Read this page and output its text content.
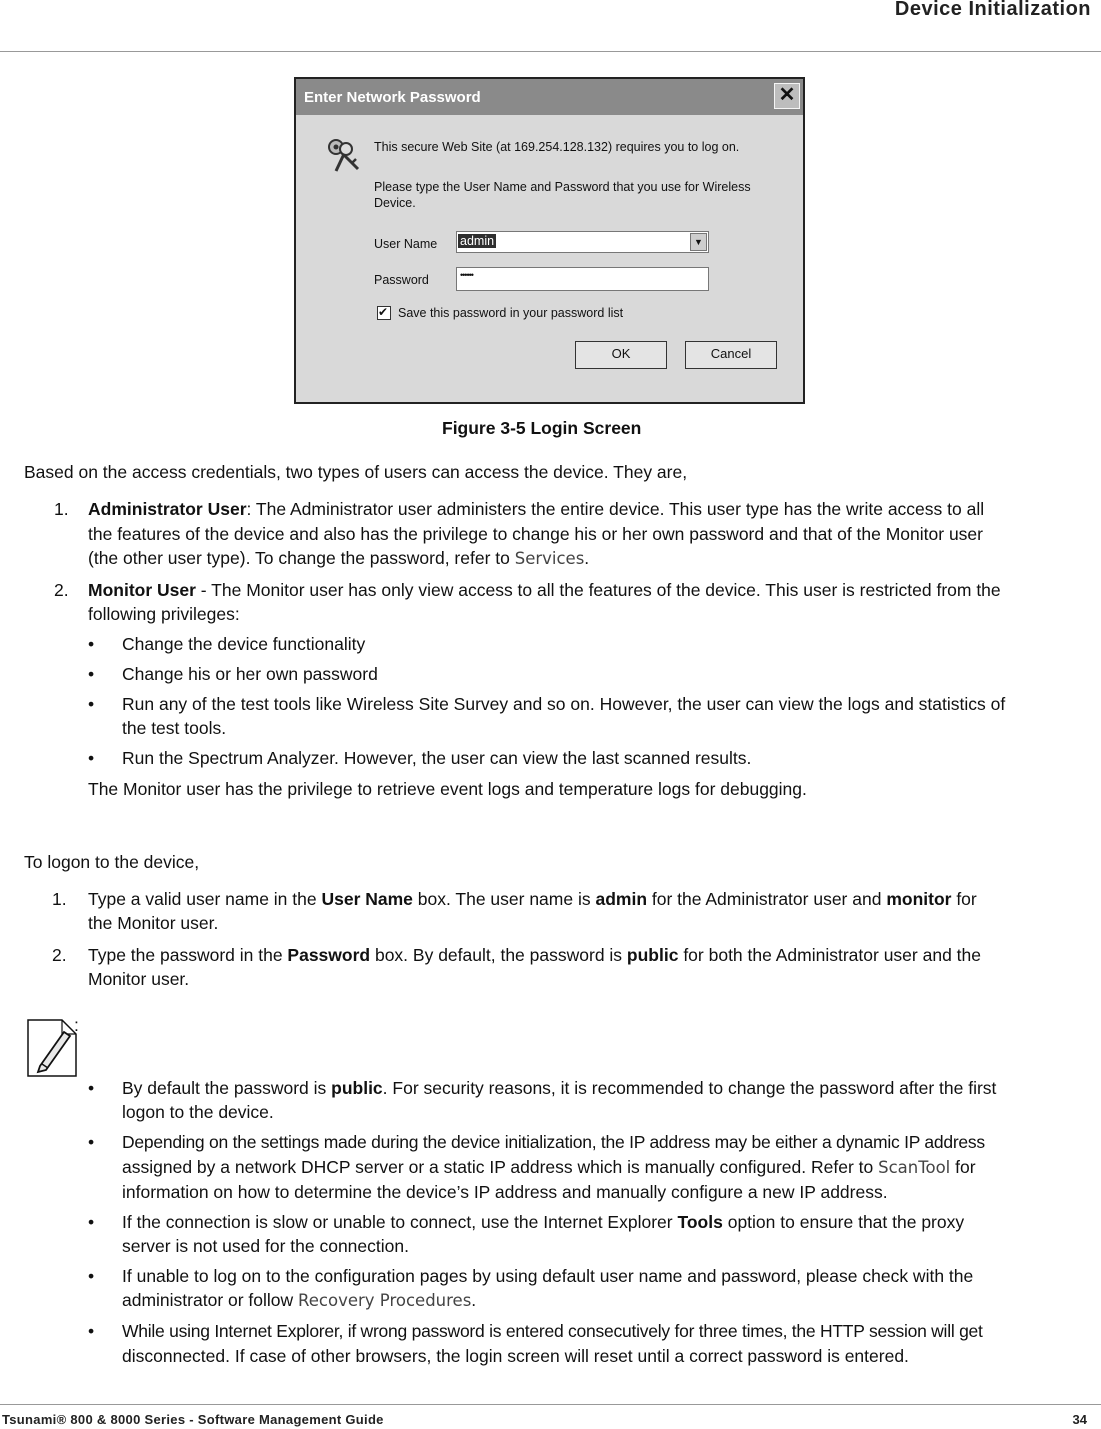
Device Initialization
Enter Network Password	✕
This secure Web Site (at 169.254.128.132) requires you to log on.
Please type the User Name and Password that you use for Wireless
Device.
User Name admin	▼
Password	••••••
✔ Save this password in your password list
OK	Cancel
Figure 3-5 Login Screen
Based on the access credentials, two types of users can access the device. They are,
1. Administrator User: The Administrator user administers the entire device. This user type has the write access to all
the features of the device and also has the privilege to change his or her own password and that of the Monitor user
(the other user type). To change the password, refer to Services.
2. Monitor User - The Monitor user has only view access to all the features of the device. This user is restricted from the
following privileges:
• Change the device functionality
• Change his or her own password
• Run any of the test tools like Wireless Site Survey and so on. However, the user can view the logs and statistics of
the test tools.
• Run the Spectrum Analyzer. However, the user can view the last scanned results.
The Monitor user has the privilege to retrieve event logs and temperature logs for debugging.
To logon to the device,
1. Type a valid user name in the User Name box. The user name is admin for the Administrator user and monitor for
the Monitor user.
2. Type the password in the Password box. By default, the password is public for both the Administrator user and the
Monitor user.
:
• By default the password is public. For security reasons, it is recommended to change the password after the first
logon to the device.
• Depending on the settings made during the device initialization, the IP address may be either a dynamic IP address
assigned by a network DHCP server or a static IP address which is manually configured. Refer to ScanTool for
information on how to determine the device’s IP address and manually configure a new IP address.
• If the connection is slow or unable to connect, use the Internet Explorer Tools option to ensure that the proxy
server is not used for the connection.
• If unable to log on to the configuration pages by using default user name and password, please check with the
administrator or follow Recovery Procedures.
• While using Internet Explorer, if wrong password is entered consecutively for three times, the HTTP session will get
disconnected. If case of other browsers, the login screen will reset until a correct password is entered.
Tsunami® 800 & 8000 Series - Software Management Guide	34
